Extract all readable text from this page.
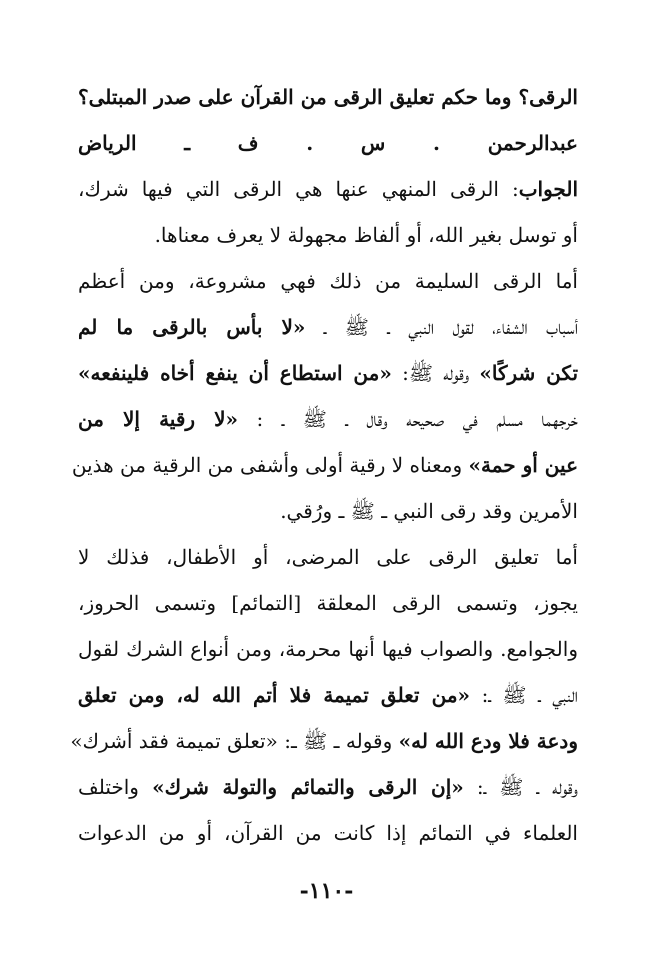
الرقى؟ وما حكم تعليق الرقى من القرآن على صدر المبتلى؟
عبدالرحمن . س . ف ـ الرياض
الجواب: الرقى المنهي عنها هي الرقى التي فيها شرك،
أو توسل بغير الله، أو ألفاظ مجهولة لا يعرف معناها.
أما الرقى السليمة من ذلك فهي مشروعة، ومن أعظم
أسباب الشفاء، لقول النبي ـ ﷺ ـ «لا بأس بالرقى ما لم
تكن شركًا» وقوله ﷺ: «من استطاع أن ينفع أخاه فلينفعه»
خرجهما مسلم في صحيحه وقال ـ ﷺ ـ : «لا رقية إلا من
عين أو حمة» ومعناه لا رقية أولى وأشفى من الرقية من هذين
الأمرين وقد رقى النبي ـ ﷺ ـ ورُقي.
أما تعليق الرقى على المرضى، أو الأطفال، فذلك لا
يجوز، وتسمى الرقى المعلقة [التمائم] وتسمى الحروز،
والجوامع. والصواب فيها أنها محرمة، ومن أنواع الشرك لقول
النبي ـ ﷺ ـ: «من تعلق تميمة فلا أتم الله له، ومن تعلق
ودعة فلا ودع الله له» وقوله ـ ﷺ ـ: «تعلق تميمة فقد أشرك»
وقوله ـ ﷺ ـ: «إن الرقى والتمائم والتولة شرك» واختلف
العلماء في التمائم إذا كانت من القرآن، أو من الدعوات
-١١٠-
